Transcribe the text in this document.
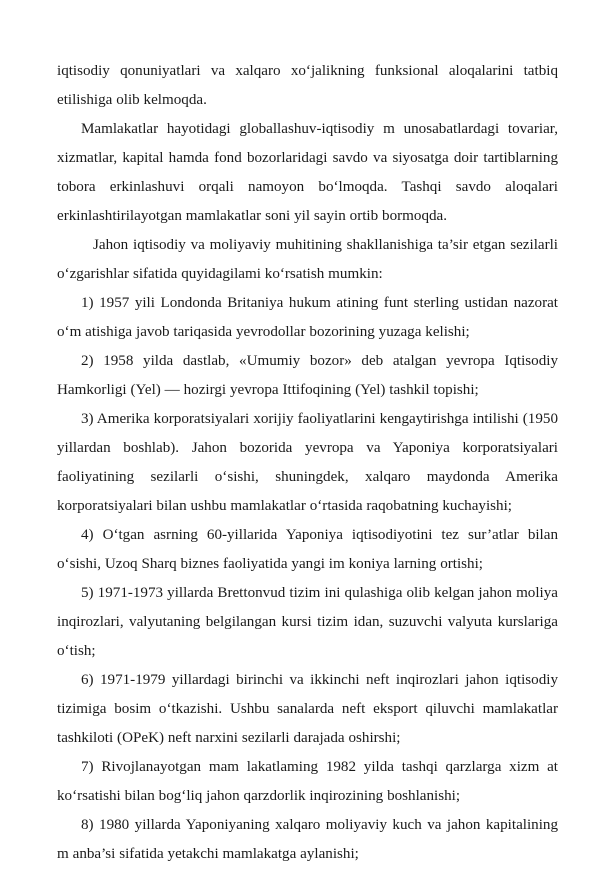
iqtisodiy qonuniyatlari va xalqaro xoʻjalikning funksional aloqalarini tatbiq etilishiga olib kelmoqda.

Mamlakatlar hayotidagi globallashuv-iqtisodiy m unosabatlardagi tovariar, xizmatlar, kapital hamda fond bozorlaridagi savdo va siyosatga doir tartiblarning tobora erkinlashuvi orqali namoyon boʻlmoqda. Tashqi savdo aloqalari erkinlashtirilayotgan mamlakatlar soni yil sayin ortib bormoqda.

Jahon iqtisodiy va moliyaviy muhitining shakllanishiga ta’sir etgan sezilarli oʻzgarishlar sifatida quyidagilami koʻrsatish mumkin:

1) 1957 yili Londonda Britaniya hukum atining funt sterling ustidan nazorat oʻm atishiga javob tariqasida yevrodollar bozorining yuzaga kelishi;

2) 1958 yilda dastlab, «Umumiy bozor» deb atalgan yevropa Iqtisodiy Hamkorligi (Yel) — hozirgi yevropa Ittifoqining (Yel) tashkil topishi;

3) Amerika korporatsiyalari xorijiy faoliyatlarini kengaytirishga intilishi (1950 yillardan boshlab). Jahon bozorida yevropa va Yaponiya korporatsiyalari faoliyatining sezilarli oʻsishi, shuningdek, xalqaro maydonda Amerika korporatsiyalari bilan ushbu mamlakatlar oʻrtasida raqobatning kuchayishi;

4) Oʻtgan asrning 60-yillarida Yaponiya iqtisodiyotini tez sur’atlar bilan oʻsishi, Uzoq Sharq biznes faoliyatida yangi im koniya larning ortishi;

5) 1971-1973 yillarda Brettonvud tizim ini qulashiga olib kelgan jahon moliya inqirozlari, valyutaning belgilangan kursi tizim idan, suzuvchi valyuta kurslariga oʻtish;

6) 1971-1979 yillardagi birinchi va ikkinchi neft inqirozlari jahon iqtisodiy tizimiga bosim oʻtkazishi. Ushbu sanalarda neft eksport qiluvchi mamlakatlar tashkiloti (OPeK) neft narxini sezilarli darajada oshirshi;

7) Rivojlanayotgan mam lakatlaming 1982 yilda tashqi qarzlarga xizm at koʻrsatishi bilan bogʻliq jahon qarzdorlik inqirozining boshlanishi;

8) 1980 yillarda Yaponiyaning xalqaro moliyaviy kuch va jahon kapitalining m anba’si sifatida yetakchi mamlakatga aylanishi;
